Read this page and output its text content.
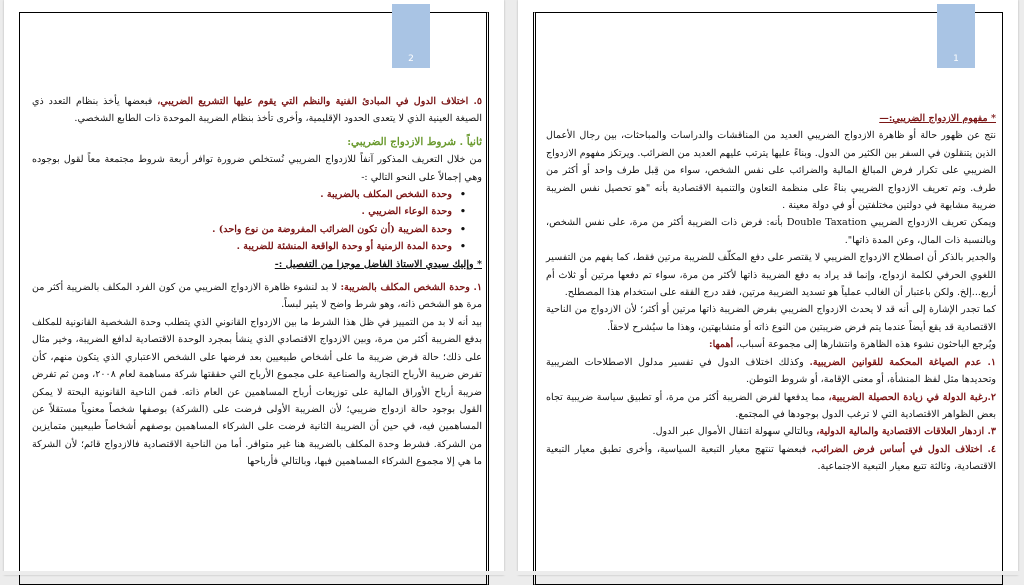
2

٥. اختلاف الدول في المبادئ الفنية والنظم التي يقوم عليها التشريع الضريبي، فبعضها يأخذ بنظام التعدد ذي الصيغة العينية الذي لا يتعدى الحدود الإقليمية، وأخرى تأخذ بنظام الضريبة الموحدة ذات الطابع الشخصي.

ثانياً . شروط الازدواج الضريبي:

من خلال التعريف المذكور آنفاً للازدواج الضريبي نُستخلص ضرورة توافر أربعة شروط مجتمعة معاً لقول بوجوده وهي إجمالاً على النحو التالي :-

• وحدة الشخص المكلف بالضريبة .
• وحدة الوعاء الضريبي .
• وحدة الضريبة (أن تكون الضرائب المفروضة من نوع واحد) .
• وحدة المدة الزمنية أو وحدة الواقعة المنشئة للضريبة .

* وإليك سيدي الاستاذ الفاضل موجزا من التفصيل :-

١. وحدة الشخص المكلف بالضريبة: لا بد لنشوء ظاهرة الازدواج الضريبي من كون الفرد المكلف بالضريبة أكثر من مرة هو الشخص ذاته، وهو شرط واضح لا يثير لبساً.

بيد أنه لا بد من التمييز في ظل هذا الشرط ما بين الازدواج القانوني الذي يتطلب وحدة الشخصية القانونية للمكلف بدفع الضريبة أكثر من مرة، وبين الازدواج الاقتصادي الذي ينشأ بمجرد الوحدة الاقتصادية لدافع الضريبة، وخير مثال على ذلك؛ حالة فرض ضريبة ما على أشخاص طبيعيين بعد فرضها على الشخص الاعتباري الذي يتكون منهم، كأن تفرض ضريبة الأرباح التجارية والصناعية على مجموع الأرباح التي حققتها شركة مساهمة لعام ٢٠٠٨، ومن ثم تفرض ضريبة أرباح الأوراق المالية على توزيعات أرباح المساهمين عن العام ذاته. فمن الناحية القانونية البحتة لا يمكن القول بوجود حالة ازدواج ضريبي؛ لأن الضريبة الأولى فرضت على (الشركة) بوصفها شخصاً معنوياً مستقلاً عن المساهمين فيه، في حين أن الضريبة الثانية فرضت على الشركاء المساهمين بوصفهم أشخاصاً طبيعيين متمايزين من الشركة. فشرط وحدة المكلف بالضريبة هنا غير متوافر. أما من الناحية الاقتصادية فالازدواج قائم؛ لأن الشركة ما هي إلا مجموع الشركاء المساهمين فيها، وبالتالي فأرباحها

1

* مفهوم الازدواج الضريبي:—

نتج عن ظهور حالة أو ظاهرة الازدواج الضريبي العديد من المناقشات والدراسات والمباحثات، بين رجال الأعمال الذين يتنقلون في السفر بين الكثير من الدول. وبناءً عليها يترتب عليهم العديد من الضرائب. ويرتكز مفهوم الازدواج الضريبي على تكرار فرض المبالغ المالية والضرائب على نفس الشخص، سواء من قِبل طرف واحد أو أكثر من طرف. وتم تعريف الازدواج الضريبي بناءً على منظمة التعاون والتنمية الاقتصادية بأنه "هو تحصيل نفس الضريبة ضريبة مشابهة في دولتين مختلفتين أو في دولة معينة .

ويمكن تعريف الازدواج الضريبي Double Taxation بأنه: فرض ذات الضريبة أكثر من مرة، على نفس الشخص، وبالنسبة ذات المال، وعن المدة ذاتها".

والجدير بالذكر أن اصطلاح الازدواج الضريبي لا يقتصر على دفع المكلّف للضريبة مرتين فقط، كما يفهم من التفسير اللغوي الحرفي لكلمة ازدواج، وإنما قد يراد به دفع الضريبة ذاتها لأكثر من مرة، سواء تم دفعها مرتين أو ثلاث أم أربع...إلخ. ولكن باعتبار أن الغالب عملياً هو تسديد الضريبة مرتين، فقد درج الفقه على استخدام هذا المصطلح.

كما تجدر الإشارة إلى أنه قد لا يحدث الازدواج الضريبي بفرض الضريبة ذاتها مرتين أو أكثر؛ لأن الازدواج من الناحية الاقتصادية قد يقع أيضاً عندما يتم فرض ضريبتين من النوع ذاته أو متشابهتين، وهذا ما سيُشرح لاحقاً.

ويُرجع الباحثون نشوء هذه الظاهرة وانتشارها إلى مجموعة أسباب، أهمها:

١. عدم الصياغة المحكمة للقوانين الضريبية. وكذلك اختلاف الدول في تفسير مدلول الاصطلاحات الضريبية وتحديدها مثل لفظ المنشأة، أو معنى الإقامة، أو شروط التوطن.
٢.رغبة الدولة في زيادة الحصيلة الضريبية، مما يدفعها لفرض الضريبة أكثر من مرة، أو تطبيق سياسة ضريبية تجاه بعض الظواهر الاقتصادية التي لا ترغب الدول بوجودها في المجتمع.
٣. ازدهار العلاقات الاقتصادية والمالية الدولية، وبالتالي سهولة انتقال الأموال عبر الدول.
٤. اختلاف الدول في أساس فرض الضرائب، فبعضها تنتهج معيار التبعية السياسية، وأخرى تطبق معيار التبعية الاقتصادية، وثالثة تتبع معيار التبعية الاجتماعية.
